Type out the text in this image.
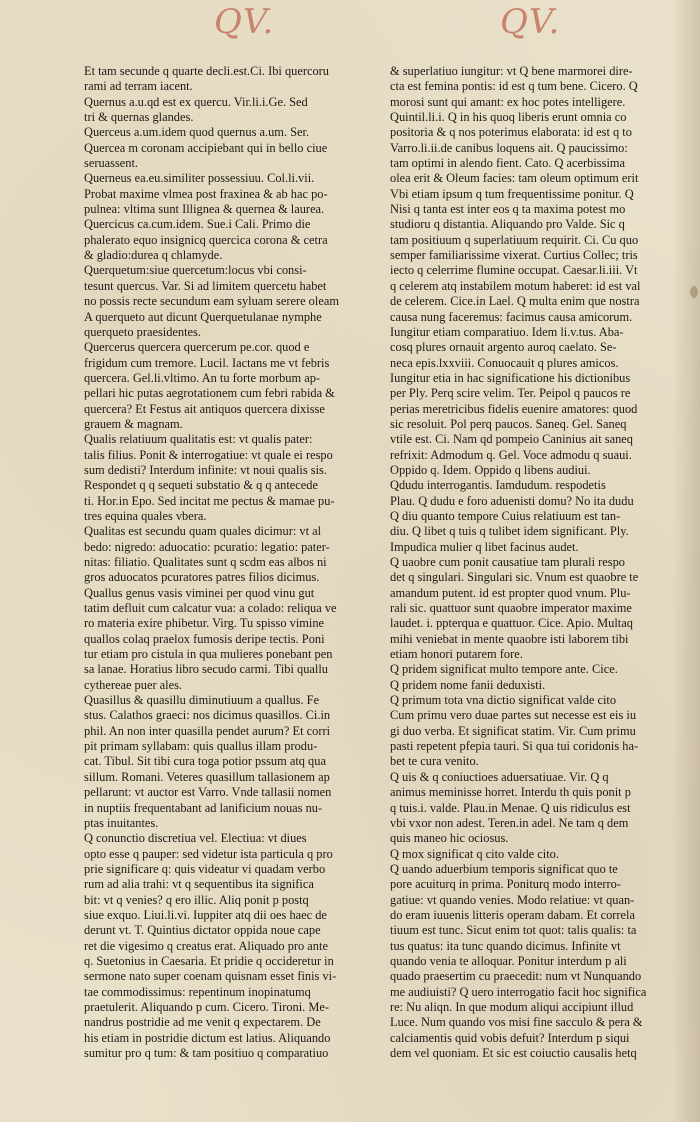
QV.	QV.
Et tam secunde q quarte decli.est.Ci. Ibi quercoru
rami ad terram iacent.
Quernus a.u.qd est ex quercu. Vir.li.i.Ge. Sed
tri & quernas glandes.
Querceus a.um.idem quod quernus a.um. Ser.
Quercea m coronam accipiebant qui in bello ciue
seruassent.
Querneus ea.eu.similiter possessiuu. Col.li.vii.
Probat maxime vlmea post fraxinea & ab hac po-
pulnea: vltima sunt Illignea & quernea & laurea.
Quercicus ca.cum.idem. Sue.i Cali. Primo die
phalerato equo insignicq quercica corona & cetra
& gladio:durea q chlamyde.
Querquetum:siue quercetum:locus vbi consi-
tesunt quercus. Var. Si ad limitem quercetu habet
no possis recte secundum eam syluam serere oleam
A querqueto aut dicunt Querquetulanae nymphe
querqueto praesidentes.
Quercerus quercera quercerum pe.cor. quod e
frigidum cum tremore. Lucil. Iactans me vt febris
quercera. Gel.li.vltimo. An tu forte morbum ap-
pellari hic putas aegrotationem cum febri rabida &
quercera? Et Festus ait antiquos quercera dixisse
grauem & magnam.
Qualis relatiuum qualitatis est: vt qualis pater:
talis filius. Ponit & interrogatiue: vt quale ei respo
sum dedisti? Interdum infinite: vt noui qualis sis.
Respondet q q sequeti substatio & q q antecede
ti. Hor.in Epo. Sed incitat me pectus & mamae pu-
tres equina quales vbera.
Qualitas est secundu quam quales dicimur: vt al
bedo: nigredo: aduocatio: pcuratio: legatio: pater-
nitas: filiatio. Qualitates sunt q scdm eas albos ni
gros aduocatos pcuratores patres filios dicimus.
Quallus genus vasis viminei per quod vinu gut
tatim defluit cum calcatur vua: a colado: reliqua ve
ro materia exire phibetur. Virg. Tu spisso vimine
quallos colaq praelox fumosis deripe tectis. Poni
tur etiam pro cistula in qua mulieres ponebant pen
sa lanae. Horatius libro secudo carmi. Tibi quallu
cythereae puer ales.
Quasillus & quasillu diminutiuum a quallus. Fe
stus. Calathos graeci: nos dicimus quasillos. Ci.in
phil. An non inter quasilla pendet aurum? Et corri
pit primam syllabam: quis quallus illam produ-
cat. Tibul. Sit tibi cura toga potior pssum atq qua
sillum. Romani. Veteres quasillum tallasionem ap
pellarunt: vt auctor est Varro. Vnde tallasii nomen
in nuptiis frequentabant ad lanificium nouas nu-
ptas inuitantes.
Q conunctio discretiua vel. Electiua: vt diues
opto esse q pauper: sed videtur ista particula q pro
prie significare q: quis videatur vi quadam verbo
rum ad alia trahi: vt q sequentibus ita significa
bit: vt q venies? q ero illic. Aliq ponit p postq
siue exquo. Liui.li.vi. Iuppiter atq dii oes haec de
derunt vt. T. Quintius dictator oppida noue cape
ret die vigesimo q creatus erat. Aliquado pro ante
q. Suetonius in Caesaria. Et pridie q occideretur in
sermone nato super coenam quisnam esset finis vi-
tae commodissimus: repentinum inopinatumq
praetulerit. Aliquando p cum. Cicero. Tironi. Me-
nandrus postridie ad me venit q expectarem. De
his etiam in postridie dictum est latius. Aliquando
sumitur pro q tum: & tam positiuo q comparatiuo
& superlatiuo iungitur: vt Q bene marmorei dire-
cta est femina pontis: id est q tum bene. Cicero. Q
morosi sunt qui amant: ex hoc potes intelligere.
Quintil.li.i. Q in his quoq liberis erunt omnia co
positoria & q nos poterimus elaborata: id est q to
Varro.li.ii.de canibus loquens ait. Q paucissimo:
tam optimi in alendo fient. Cato. Q acerbissima
olea erit & Oleum facies: tam oleum optimum erit
Vbi etiam ipsum q tum frequentissime ponitur. Q
Nisi q tanta est inter eos q ta maxima potest mo
studioru q distantia. Aliquando pro Valde. Sic q
tam positiuum q superlatiuum requirit. Ci. Cu quo
semper familiarissime vixerat. Curtius Collec; tris
iecto q celerrime flumine occupat. Caesar.li.iii. Vt
q celerem atq instabilem motum haberet: id est val
de celerem. Cice.in Lael. Q multa enim que nostra
causa nung faceremus: facimus causa amicorum.
Iungitur etiam comparatiuo. Idem li.v.tus. Aba-
cosq plures ornauit argento auroq caelato. Se-
neca epis.lxxviii. Conuocauit q plures amicos.
Iungitur etia in hac significatione his dictionibus
per Ply. Perq scire velim. Ter. Peipol q paucos re
perias meretricibus fidelis euenire amatores: quod
sic resoluit. Pol perq paucos. Saneq. Gel. Saneq
vtile est. Ci. Nam qd pompeio Caninius ait saneq
refrixit: Admodum q. Gel. Voce admodu q suaui.
Oppido q. Idem. Oppido q libens audiui.
Qdudu interrogantis. Iamdudum. respodetis
Plau. Q dudu e foro aduenisti domu? No ita dudu
Q diu quanto tempore Cuius relatiuum est tan-
diu. Q libet q tuis q tulibet idem significant. Ply.
Impudica mulier q libet facinus audet.
Q uaobre cum ponit causatiue tam plurali respo
det q singulari. Singulari sic. Vnum est quaobre te
amandum putent. id est propter quod vnum. Plu-
rali sic. quattuor sunt quaobre imperator maxime
laudet. i. ppterqua e quattuor. Cice. Apio. Multaq
mihi veniebat in mente quaobre isti laborem tibi
etiam honori putarem fore.
Q pridem significat multo tempore ante. Cice.
Q pridem nome fanii deduxisti.
Q primum tota vna dictio significat valde cito
Cum primu vero duae partes sut necesse est eis iu
gi duo verba. Et significat statim. Vir. Cum primu
pasti repetent pfepia tauri. Si qua tui coridonis ha-
bet te cura venito.
Q uis & q coniuctioes aduersatiuae. Vir. Q q
animus meminisse horret. Interdu th quis ponit p
q tuis.i. valde. Plau.in Menae. Q uis ridiculus est
vbi vxor non adest. Teren.in adel. Ne tam q dem
quis maneo hic ociosus.
Q mox significat q cito valde cito.
Q uando aduerbium temporis significat quo te
pore acuiturq in prima. Poniturq modo interro-
gatiue: vt quando venies. Modo relatiue: vt quan-
do eram iuuenis litteris operam dabam. Et correla
tiuum est tunc. Sicut enim tot quot: talis qualis: ta
tus quatus: ita tunc quando dicimus. Infinite vt
quando venia te alloquar. Ponitur interdum p ali
quado praesertim cu praecedit: num vt Nunquando
me audiuisti? Q uero interrogatio facit hoc significa
re: Nu aliqn. In que modum aliqui accipiunt illud
Luce. Num quando vos misi fine sacculo & pera &
calciamentis quid vobis defuit? Interdum p siqui
dem vel quoniam. Et sic est coiuctio causalis hetq
